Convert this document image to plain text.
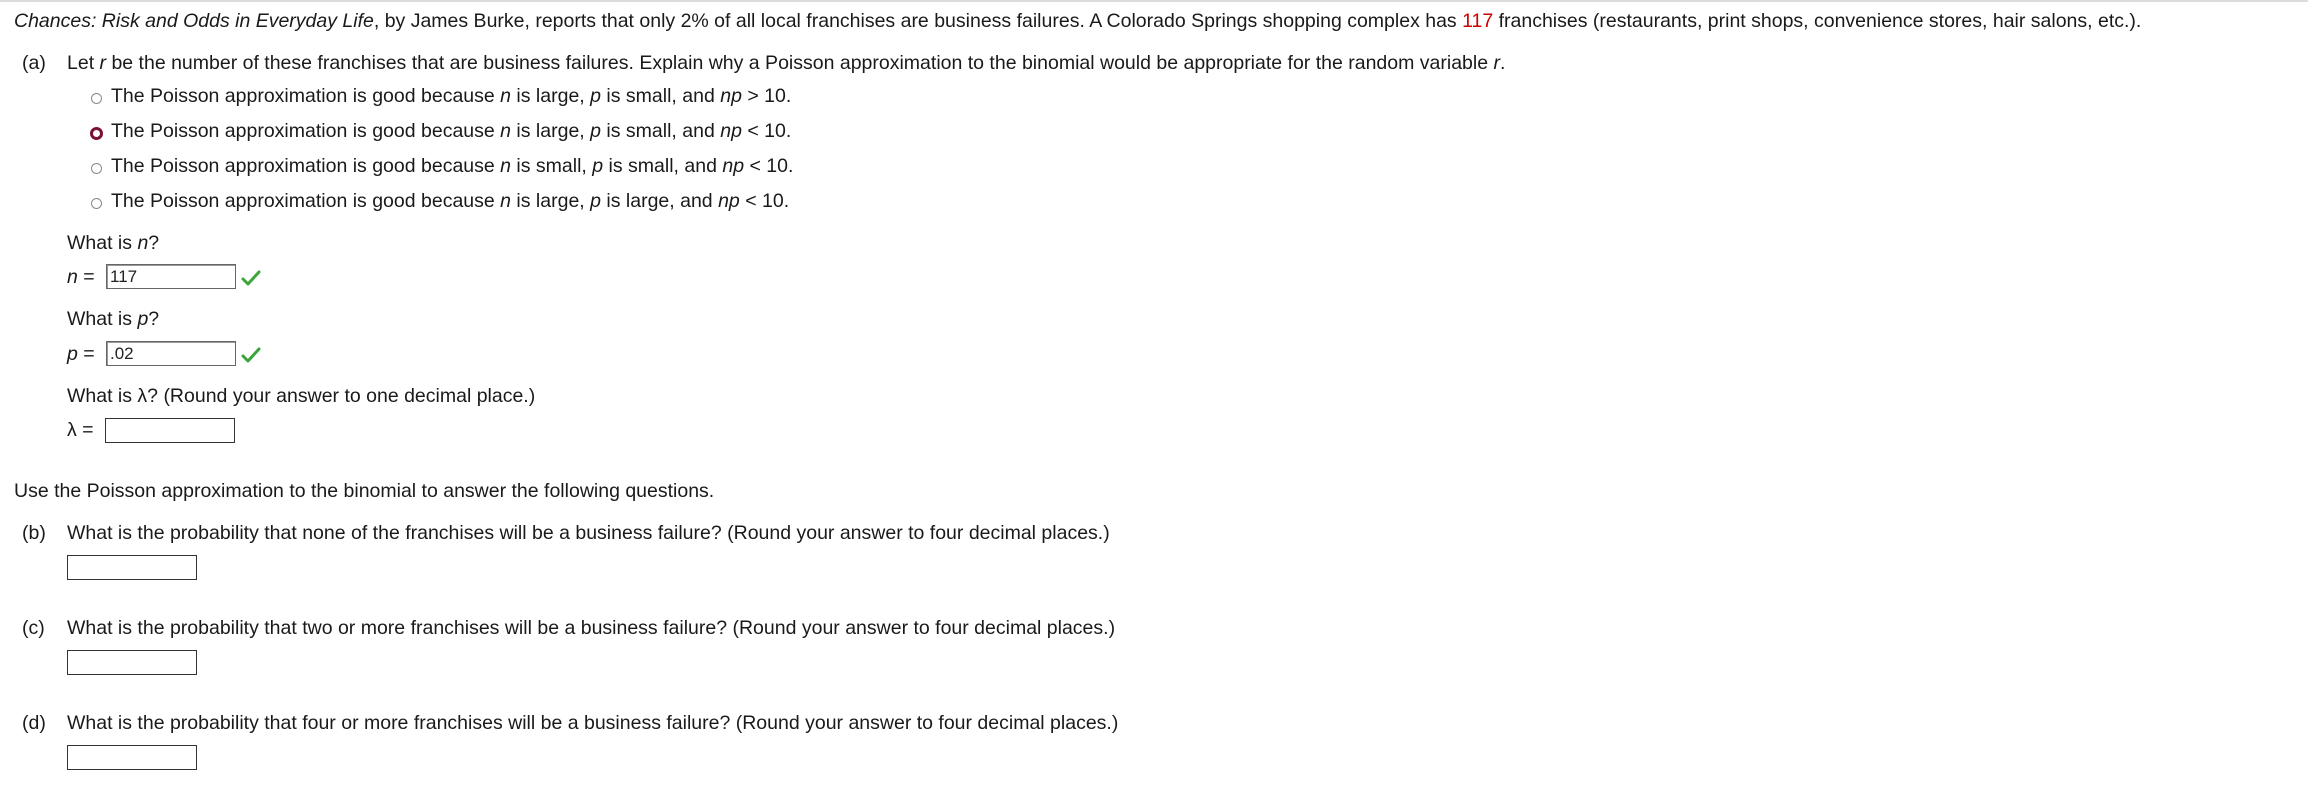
Chances: Risk and Odds in Everyday Life, by James Burke, reports that only 2% of all local franchises are business failures. A Colorado Springs shopping complex has 117 franchises (restaurants, print shops, convenience stores, hair salons, etc.).
(a) Let r be the number of these franchises that are business failures. Explain why a Poisson approximation to the binomial would be appropriate for the random variable r.
The Poisson approximation is good because n is large, p is small, and np > 10.
The Poisson approximation is good because n is large, p is small, and np < 10.
The Poisson approximation is good because n is small, p is small, and np < 10.
The Poisson approximation is good because n is large, p is large, and np < 10.
What is n?
n = 117
What is p?
p = .02
What is λ? (Round your answer to one decimal place.)
λ =
Use the Poisson approximation to the binomial to answer the following questions.
(b) What is the probability that none of the franchises will be a business failure? (Round your answer to four decimal places.)
(c) What is the probability that two or more franchises will be a business failure? (Round your answer to four decimal places.)
(d) What is the probability that four or more franchises will be a business failure? (Round your answer to four decimal places.)
